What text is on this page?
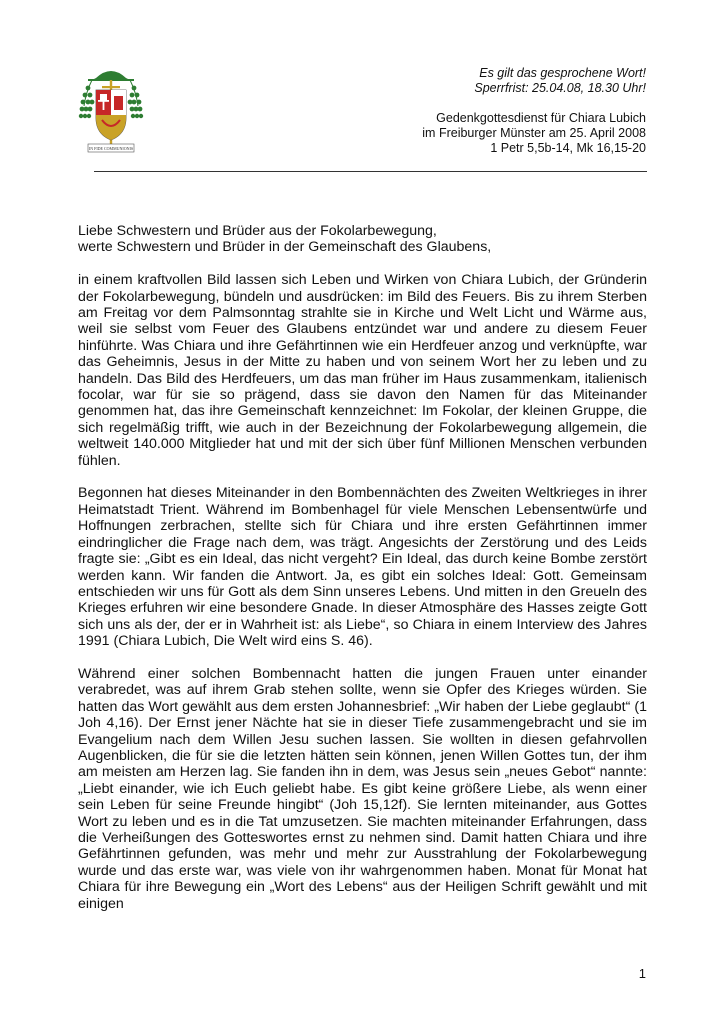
IN FIDE COMMUNIONIS
Es gilt das gesprochene Wort!
Sperrfrist: 25.04.08, 18.30 Uhr!
Gedenkgottesdienst für Chiara Lubich
im Freiburger Münster am 25. April 2008
1 Petr 5,5b-14, Mk 16,15-20

Liebe Schwestern und Brüder aus der Fokolarbewegung,
werte Schwestern und Brüder in der Gemeinschaft des Glaubens,

in einem kraftvollen Bild lassen sich Leben und Wirken von Chiara Lubich, der Gründerin der Fokolarbewegung, bündeln und ausdrücken: im Bild des Feuers. Bis zu ihrem Sterben am Freitag vor dem Palmsonntag strahlte sie in Kirche und Welt Licht und Wärme aus, weil sie selbst vom Feuer des Glaubens entzündet war und andere zu diesem Feuer hinführte. Was Chiara und ihre Gefährtinnen wie ein Herdfeuer anzog und verknüpfte, war das Geheimnis, Jesus in der Mitte zu haben und von seinem Wort her zu leben und zu handeln. Das Bild des Herdfeuers, um das man früher im Haus zusammenkam, italienisch focolar, war für sie so prägend, dass sie davon den Namen für das Miteinander genommen hat, das ihre Gemeinschaft kennzeichnet: Im Fokolar, der kleinen Gruppe, die sich regelmäßig trifft, wie auch in der Bezeichnung der Fokolarbewegung allgemein, die weltweit 140.000 Mitglieder hat und mit der sich über fünf Millionen Menschen verbunden fühlen.

Begonnen hat dieses Miteinander in den Bombennächten des Zweiten Weltkrieges in ihrer Heimatstadt Trient. Während im Bombenhagel für viele Menschen Lebensentwürfe und Hoffnungen zerbrachen, stellte sich für Chiara und ihre ersten Gefährtinnen immer eindringlicher die Frage nach dem, was trägt. Angesichts der Zerstörung und des Leids fragte sie: „Gibt es ein Ideal, das nicht vergeht? Ein Ideal, das durch keine Bombe zerstört werden kann. Wir fanden die Antwort. Ja, es gibt ein solches Ideal: Gott. Gemeinsam entschieden wir uns für Gott als dem Sinn unseres Lebens. Und mitten in den Greueln des Krieges erfuhren wir eine besondere Gnade. In dieser Atmosphäre des Hasses zeigte Gott sich uns als der, der er in Wahrheit ist: als Liebe“, so Chiara in einem Interview des Jahres 1991 (Chiara Lubich, Die Welt wird eins S. 46).

Während einer solchen Bombennacht hatten die jungen Frauen unter einander verabredet, was auf ihrem Grab stehen sollte, wenn sie Opfer des Krieges würden. Sie hatten das Wort gewählt aus dem ersten Johannesbrief: „Wir haben der Liebe geglaubt“ (1 Joh 4,16). Der Ernst jener Nächte hat sie in dieser Tiefe zusammengebracht und sie im Evangelium nach dem Willen Jesu suchen lassen. Sie wollten in diesen gefahrvollen Augenblicken, die für sie die letzten hätten sein können, jenen Willen Gottes tun, der ihm am meisten am Herzen lag. Sie fanden ihn in dem, was Jesus sein „neues Gebot“ nannte: „Liebt einander, wie ich Euch geliebt habe. Es gibt keine größere Liebe, als wenn einer sein Leben für seine Freunde hingibt“ (Joh 15,12f). Sie lernten miteinander, aus Gottes Wort zu leben und es in die Tat umzusetzen. Sie machten miteinander Erfahrungen, dass die Verheißungen des Gotteswortes ernst zu nehmen sind. Damit hatten Chiara und ihre Gefährtinnen gefunden, was mehr und mehr zur Ausstrahlung der Fokolarbewegung wurde und das erste war, was viele von ihr wahrgenommen haben. Monat für Monat hat Chiara für ihre Bewegung ein „Wort des Lebens“ aus der Heiligen Schrift gewählt und mit einigen

1
